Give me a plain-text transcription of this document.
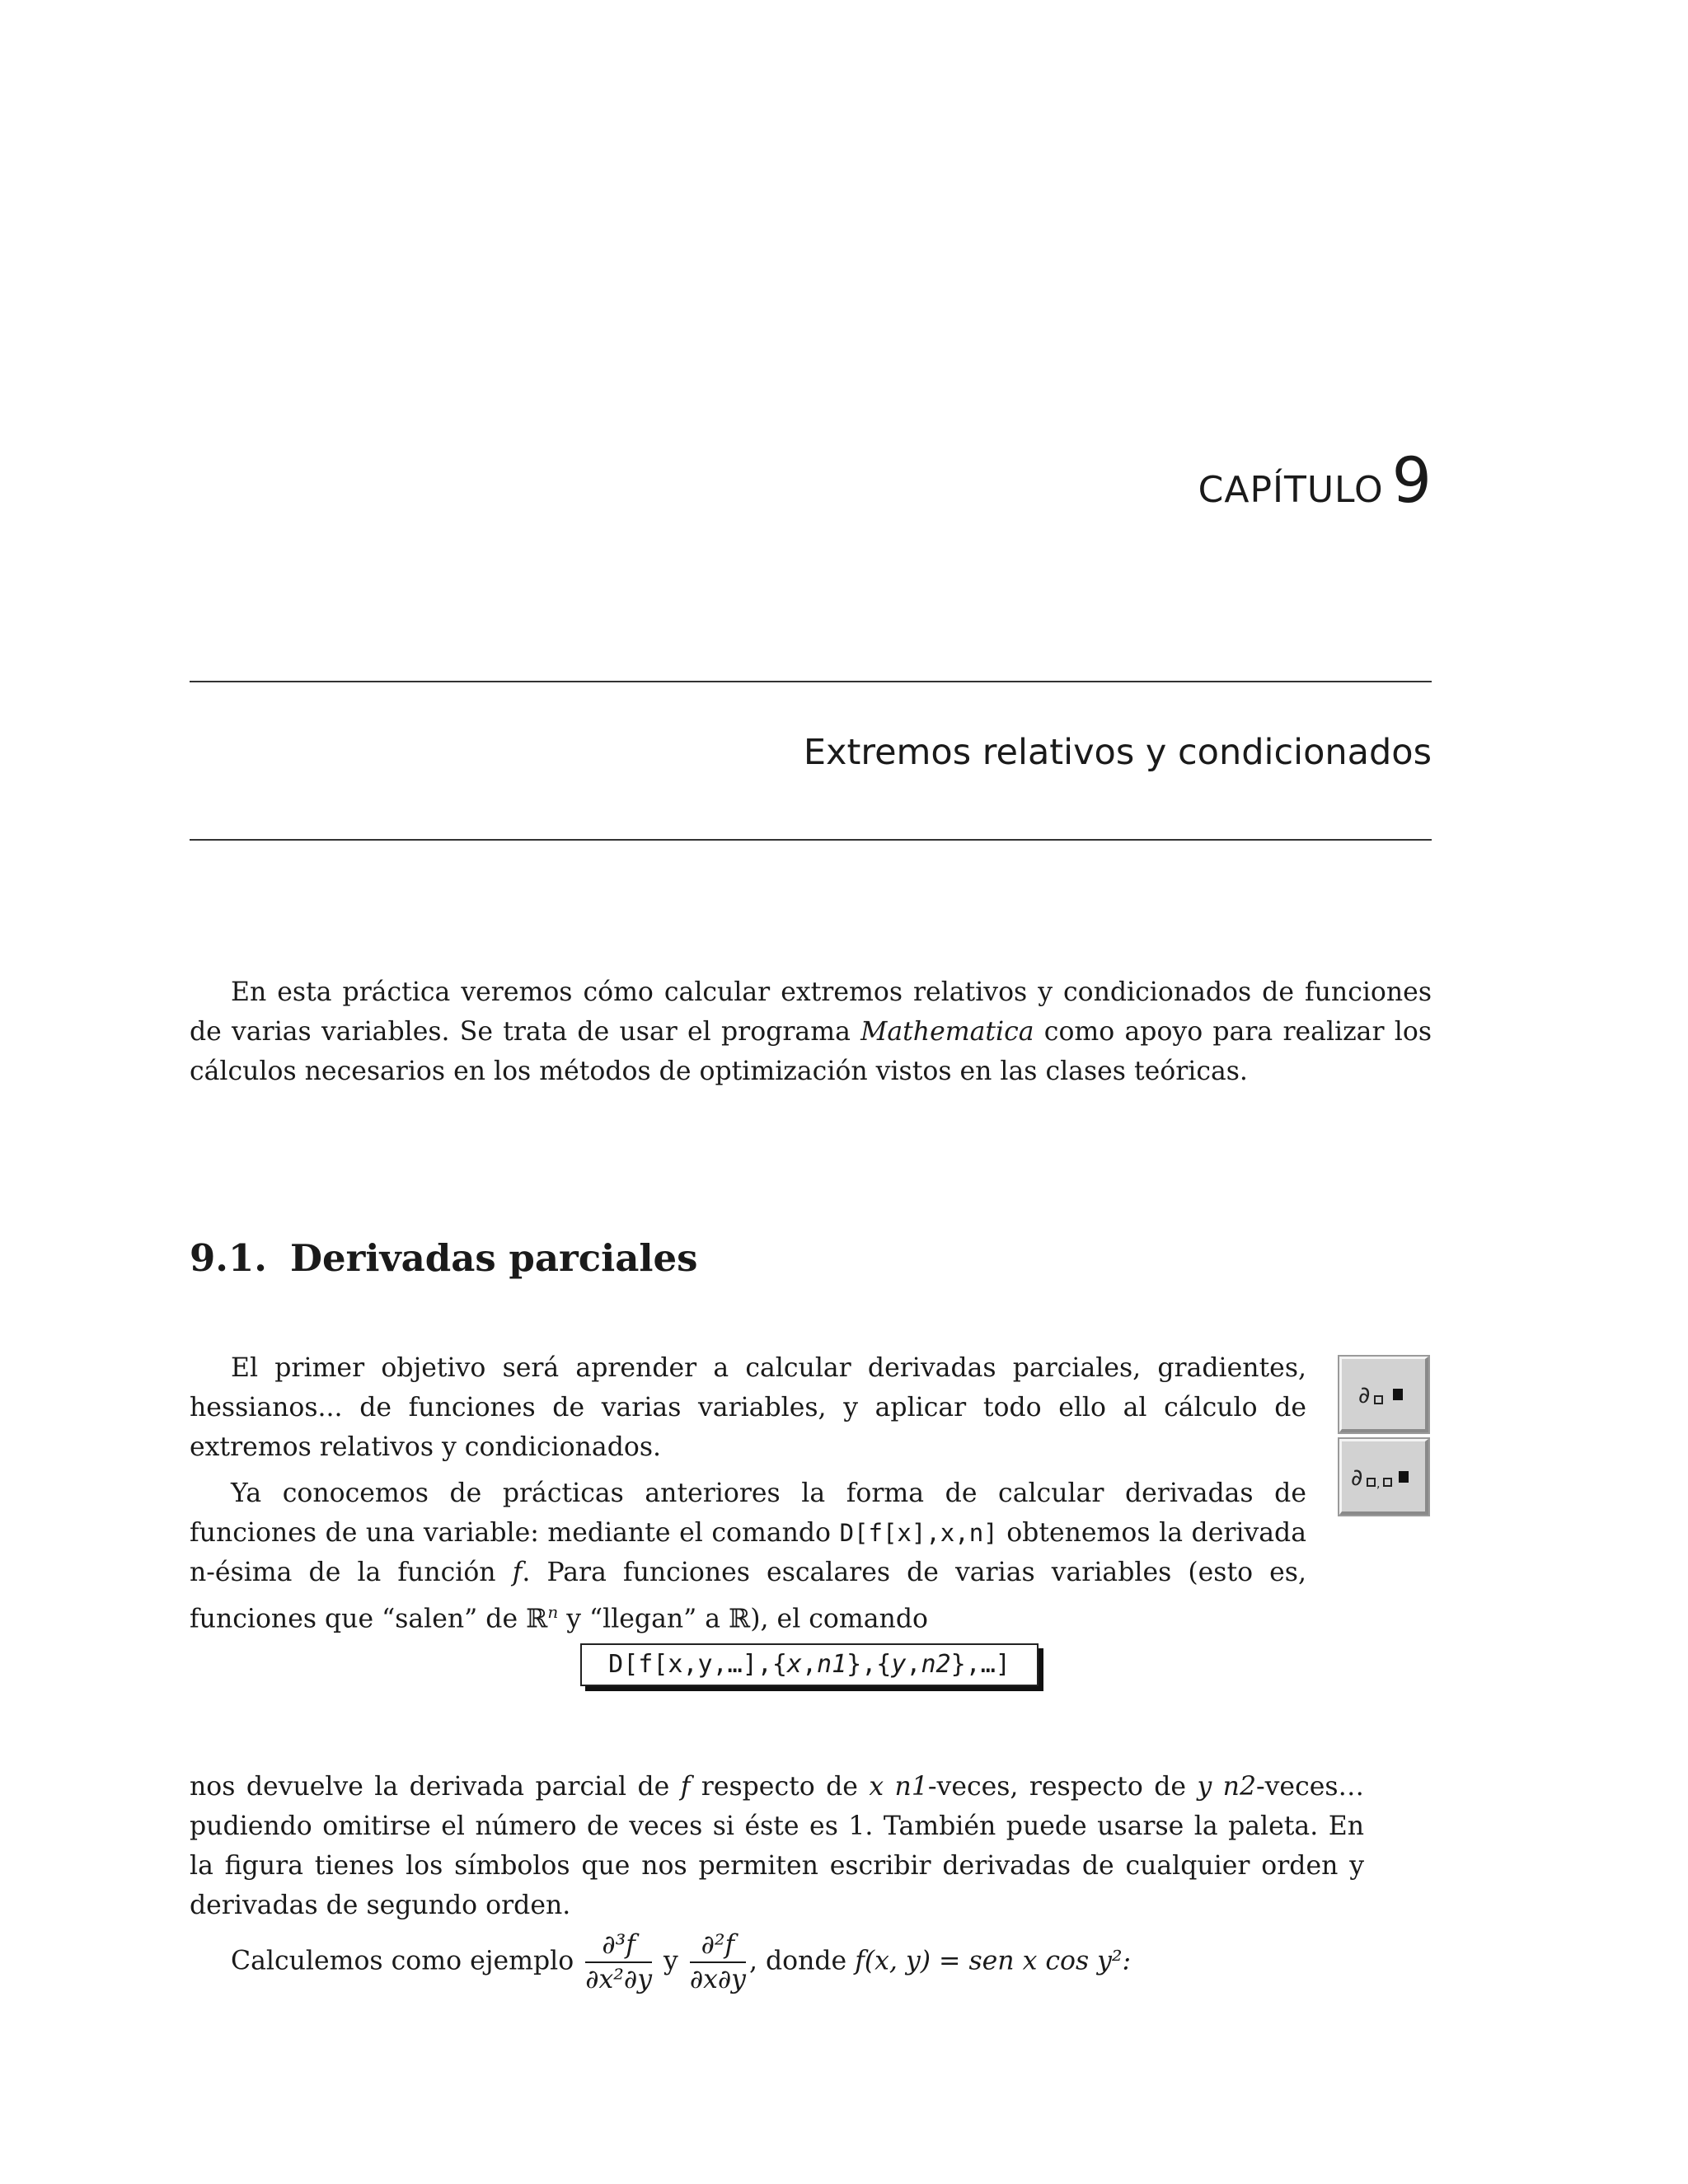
CAPÍTULO 9
Extremos relativos y condicionados
En esta práctica veremos cómo calcular extremos relativos y condicionados de funciones de varias variables. Se trata de usar el programa Mathematica como apoyo para realizar los cálculos necesarios en los métodos de optimización vistos en las clases teóricas.
9.1. Derivadas parciales
El primer objetivo será aprender a calcular derivadas parciales, gradientes, hessianos... de funciones de varias variables, y aplicar todo ello al cálculo de extremos relativos y condicionados.
Ya conocemos de prácticas anteriores la forma de calcular derivadas de funciones de una variable: mediante el comando D[f[x],x,n] obtenemos la derivada n-ésima de la función f. Para funciones escalares de varias variables (esto es, funciones que “salen” de ℝ$^n$ y “llegan” a ℝ), el comando
D[f[x,y,…],{x,n1},{y,n2},…]
nos devuelve la derivada parcial de f respecto de x n1-veces, respecto de y n2-veces…pudiendo omitirse el número de veces si éste es 1. También puede usarse la paleta. En la figura tienes los símbolos que nos permiten escribir derivadas de cualquier orden y derivadas de segundo orden.
Calculemos como ejemplo $\frac{\text{∂³f}}{\text{∂x²∂y}}$ y $\frac{\text{∂²f}}{\partial x\partial y}$ , donde f(x, y) = sen x cos y²:
∂
∂ ,
